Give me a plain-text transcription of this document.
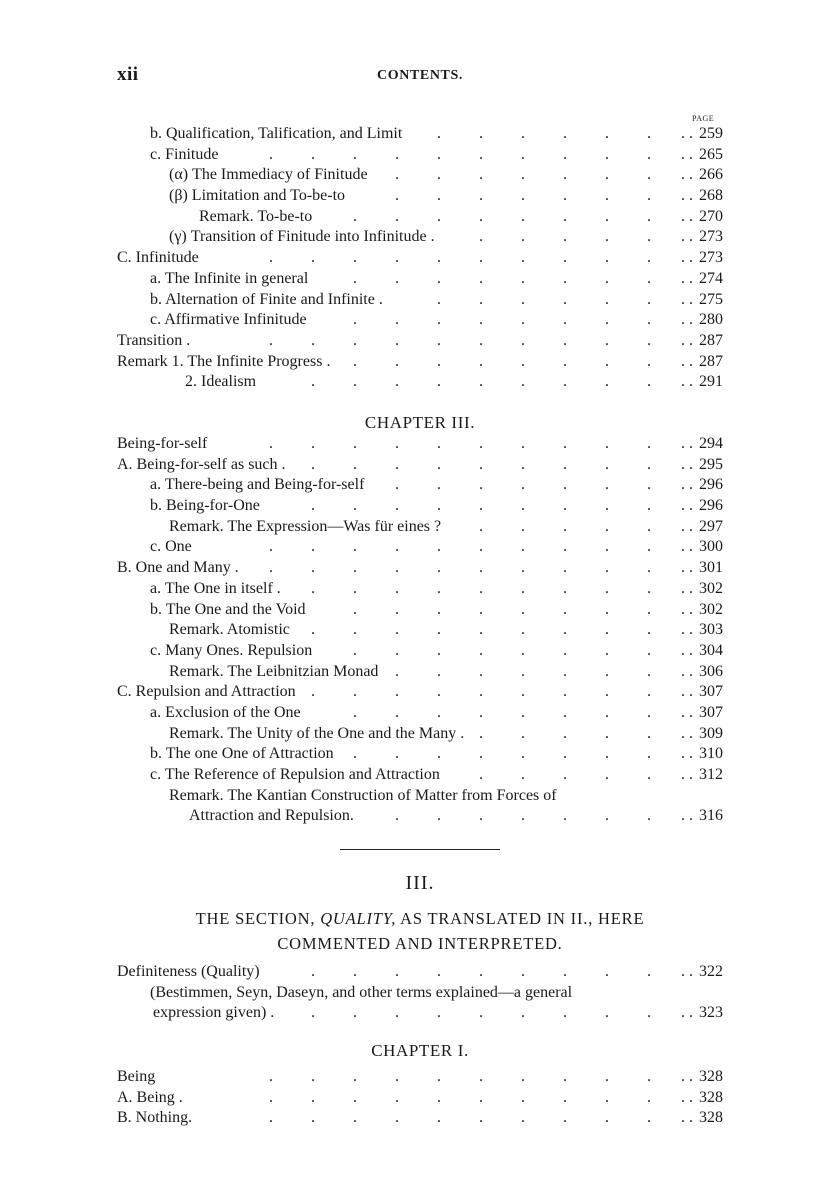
xii	CONTENTS.
PAGE
b. Qualification, Talification, and Limit	259
. . . . . . .
.
c. Finitude	265
. . . . . . . . . . .
.
(α) The Immediacy of Finitude	266
. . . . . . . .
.
(β) Limitation and To-be-to	268
. . . . . . . .
.
Remark. To-be-to	270
. . . . . . . . .
.
(γ) Transition of Finitude into Infinitude .	273
. . . . . .
.
C. Infinitude	273
. . . . . . . . . . .
.
a. The Infinite in general	274
. . . . . . . . .
.
b. Alternation of Finite and Infinite .	275
. . . . . . .
.
c. Affirmative Infinitude	280
. . . . . . . . .
.
Transition .	287
. . . . . . . . . . .
.
Remark 1. The Infinite Progress .	287
. . . . . . . . .
.
2. Idealism	291
. . . . . . . . . .
.
CHAPTER III.
Being-for-self	294
. . . . . . . . . . .
.
A. Being-for-self as such .	295
. . . . . . . . . .
.
a. There-being and Being-for-self	296
. . . . . . . .
.
b. Being-for-One	296
. . . . . . . . . .
.
Remark. The Expression—Was für eines ?	297
. . . . . .
.
c. One	300
. . . . . . . . . . .
.
B. One and Many .	301
. . . . . . . . . . .
.
a. The One in itself .	302
. . . . . . . . . .
.
b. The One and the Void	302
. . . . . . . . .
.
Remark. Atomistic	303
. . . . . . . . . .
.
c. Many Ones. Repulsion	304
. . . . . . . . .
.
Remark. The Leibnitzian Monad	306
. . . . . . . .
.
C. Repulsion and Attraction	307
. . . . . . . . . .
.
a. Exclusion of the One	307
. . . . . . . . .
.
Remark. The Unity of the One and the Many .	309
. . . . . .
.
b. The one One of Attraction	310
. . . . . . . . .
.
c. The Reference of Repulsion and Attraction	312
. . . . . .
.
Remark. The Kantian Construction of Matter from Forces of
Attraction and Repulsion.	316
. . . . . . . .
.
III.
THE SECTION, QUALITY, AS TRANSLATED IN II., HERE
COMMENTED AND INTERPRETED.
Definiteness (Quality)	322
. . . . . . . . . .
.
(Bestimmen, Seyn, Daseyn, and other terms explained—a general
expression given) .	323
. . . . . . . . . .
.
CHAPTER I.
Being	328
. . . . . . . . . . .
.
A. Being .	328
. . . . . . . . . . .
.
B. Nothing.	328
. . . . . . . . . . .
.
